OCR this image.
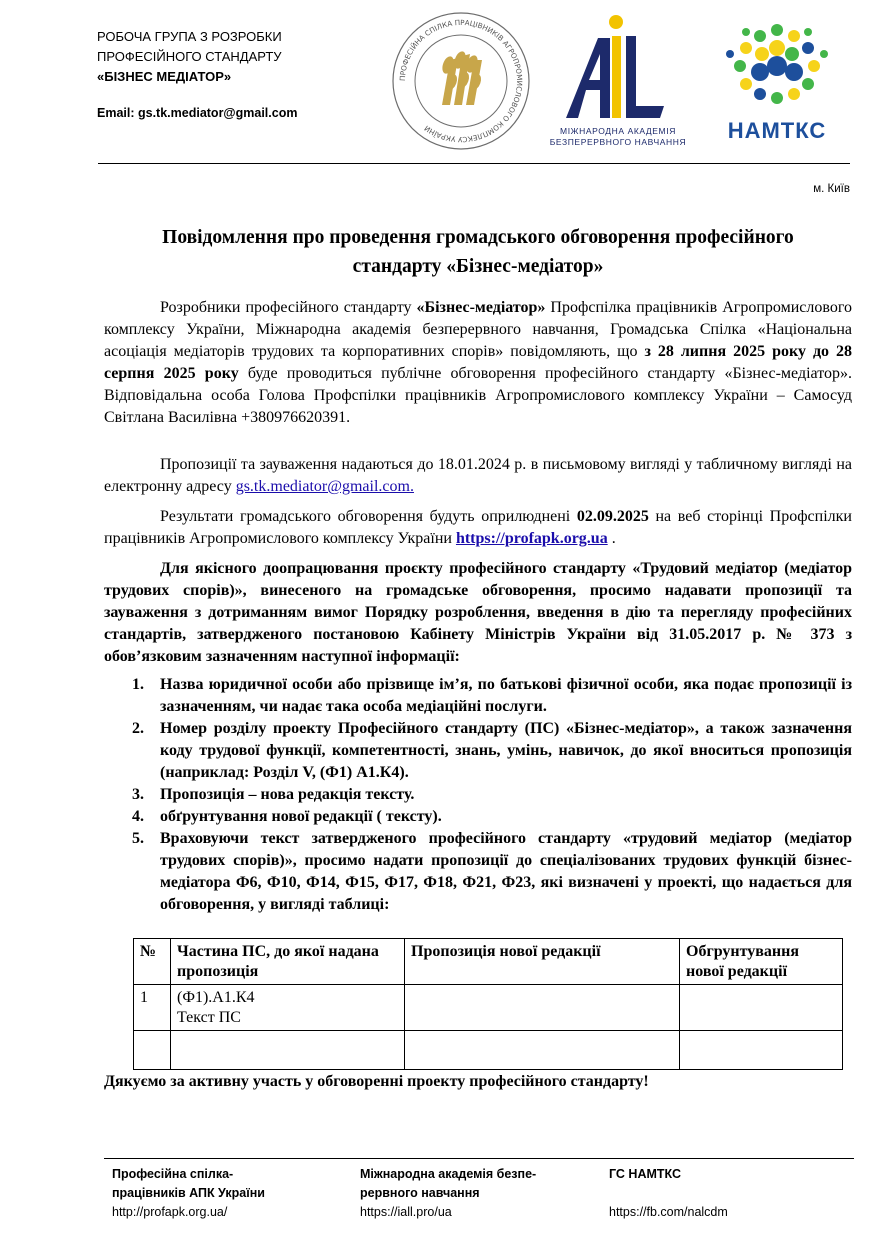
РОБОЧА ГРУПА З РОЗРОБКИ
ПРОФЕСІЙНОГО СТАНДАРТУ
«БІЗНЕС МЕДІАТОР»
Email: gs.tk.mediator@gmail.com
ПРОФЕСІЙНА СПІЛКА ПРАЦІВНИКІВ АГРОПРОМИСЛОВОГО КОМПЛЕКСУ УКРАЇНИ	МІЖНАРОДНА АКАДЕМІЯ
БЕЗПЕРЕРВНОГО НАВЧАННЯ	НАМТКС
м. Київ
Повідомлення про проведення громадського обговорення професійного
стандарту «Бізнес-медіатор»
Розробники професійного стандарту «Бізнес-медіатор» Профспілка працівників Агропромислового комплексу України, Міжнародна академія безперервного навчання, Громадська Спілка «Національна асоціація медіаторів трудових та корпоративних спорів» повідомляють, що з 28 липня 2025 року до 28 серпня 2025 року буде проводиться публічне обговорення професійного стандарту «Бізнес-медіатор». Відповідальна особа Голова Профспілки працівників Агропромислового комплексу України – Самосуд Світлана Василівна +380976620391.
Пропозиції та зауваження надаються до 18.01.2024 р. в письмовому вигляді у табличному вигляді на електронну адресу gs.tk.mediator@gmail.com.
Результати громадського обговорення будуть оприлюднені 02.09.2025 на веб сторінці Профспілки працівників Агропромислового комплексу України https://profapk.org.ua .
Для якісного доопрацювання проєкту професійного стандарту «Трудовий медіатор (медіатор трудових спорів)», винесеного на громадське обговорення, просимо надавати пропозиції та зауваження з дотриманням вимог Порядку розроблення, введення в дію та перегляду професійних стандартів, затвердженого постановою Кабінету Міністрів України від 31.05.2017 р. № 373 з обов’язковим зазначенням наступної інформації:
1. Назва юридичної особи або прізвище ім’я, по батькові фізичної особи, яка подає пропозиції із зазначенням, чи надає така особа медіаційні послуги.
2. Номер розділу проекту Професійного стандарту (ПС) «Бізнес-медіатор», а також зазначення коду трудової функції, компетентності, знань, умінь, навичок, до якої вноситься пропозиція (наприклад: Розділ V, (Ф1) А1.К4).
3. Пропозиція – нова редакція тексту.
4. обґрунтування нової редакції ( тексту).
5. Враховуючи текст затвердженого професійного стандарту «трудовий медіатор (медіатор трудових спорів)», просимо надати пропозиції до спеціалізованих трудових функцій бізнес-медіатора Ф6, Ф10, Ф14, Ф15, Ф17, Ф18, Ф21, Ф23, які визначені у проекті, що надається для обговорення, у вигляді таблиці:
№	Частина ПС, до якої надана пропозиція	Пропозиція нової редакції	Обгрунтування нової редакції
1	(Ф1).А1.К4
Текст ПС		

Дякуємо за активну участь у обговоренні проекту професійного стандарту!
Професійна спілка-
працівників АПК України
http://profapk.org.ua/
Міжнародна академія безпе-
рервного навчання
https://iall.pro/ua
ГС НАМТКС
https://fb.com/nalcdm
